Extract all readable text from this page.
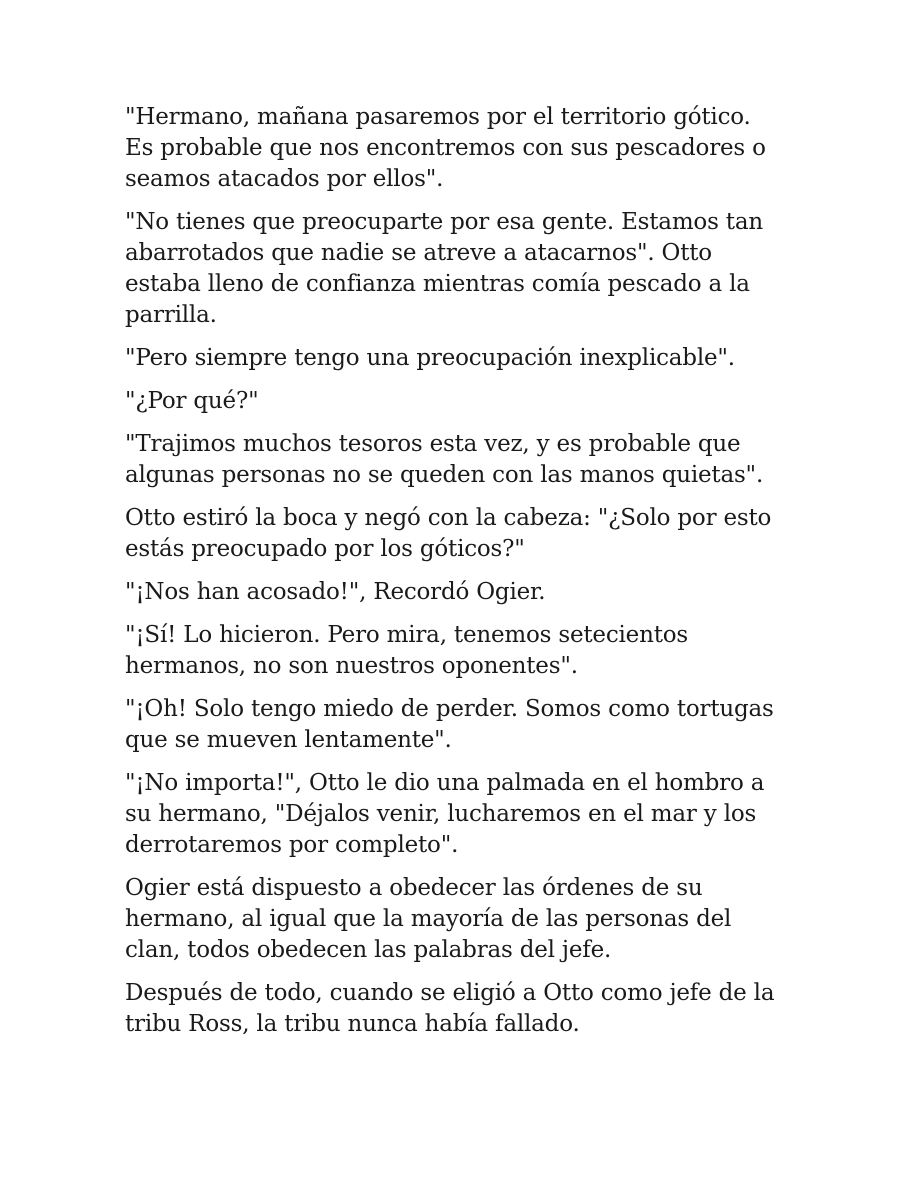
"Hermano, mañana pasaremos por el territorio gótico. Es probable que nos encontremos con sus pescadores o seamos atacados por ellos".

"No tienes que preocuparte por esa gente. Estamos tan abarrotados que nadie se atreve a atacarnos". Otto estaba lleno de confianza mientras comía pescado a la parrilla.

"Pero siempre tengo una preocupación inexplicable".

"¿Por qué?"

"Trajimos muchos tesoros esta vez, y es probable que algunas personas no se queden con las manos quietas".

Otto estiró la boca y negó con la cabeza: "¿Solo por esto estás preocupado por los góticos?"

"¡Nos han acosado!", Recordó Ogier.

"¡Sí! Lo hicieron. Pero mira, tenemos setecientos hermanos, no son nuestros oponentes".

"¡Oh! Solo tengo miedo de perder. Somos como tortugas que se mueven lentamente".

"¡No importa!", Otto le dio una palmada en el hombro a su hermano, "Déjalos venir, lucharemos en el mar y los derrotaremos por completo".

Ogier está dispuesto a obedecer las órdenes de su hermano, al igual que la mayoría de las personas del clan, todos obedecen las palabras del jefe.

Después de todo, cuando se eligió a Otto como jefe de la tribu Ross, la tribu nunca había fallado.
